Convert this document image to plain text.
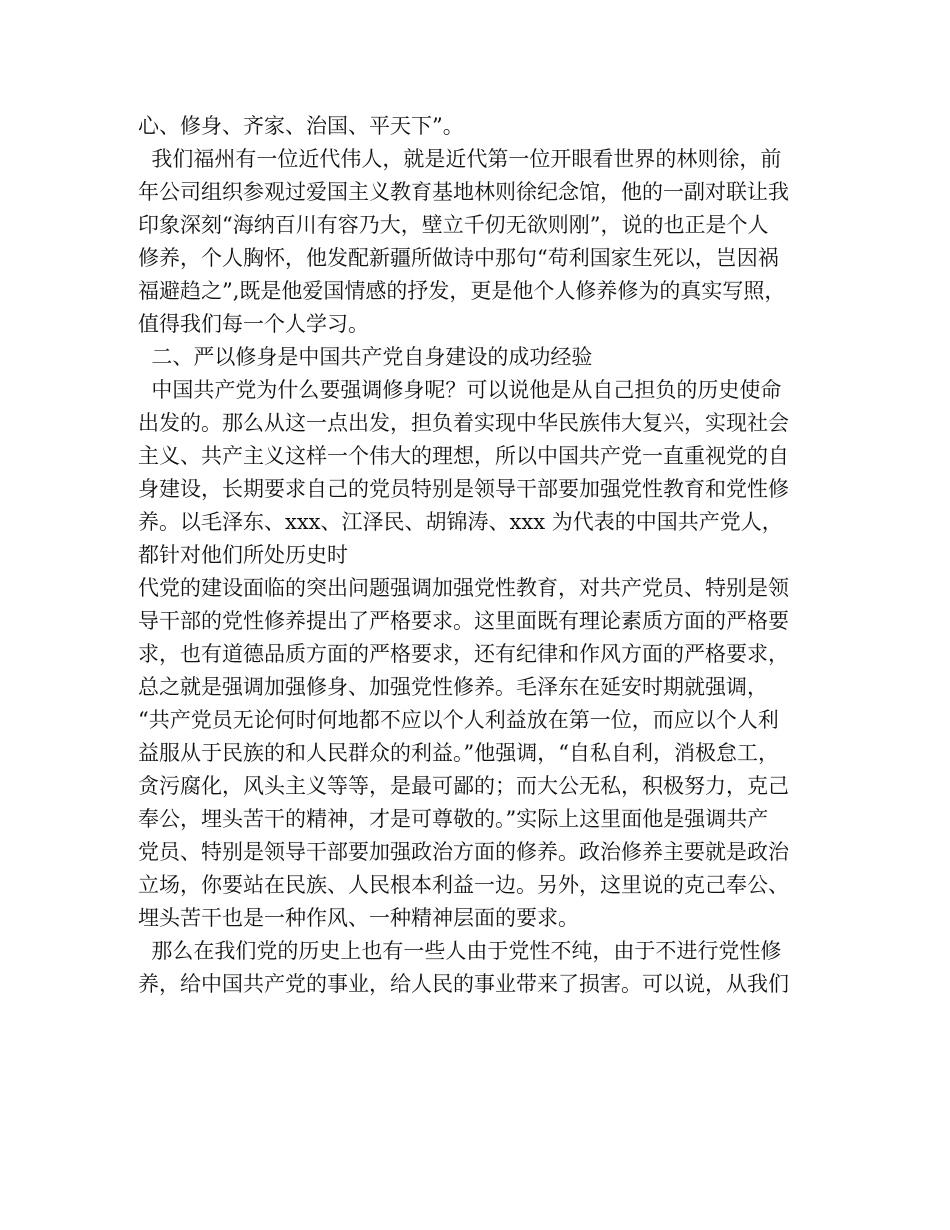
心、修身、齐家、治国、平天下”。
我们福州有一位近代伟人，就是近代第一位开眼看世界的林则徐，前
年公司组织参观过爱国主义教育基地林则徐纪念馆，他的一副对联让我
印象深刻“海纳百川有容乃大，壁立千仞无欲则刚”，说的也正是个人
修养，个人胸怀，他发配新疆所做诗中那句“苟利国家生死以，岂因祸
福避趋之”,既是他爱国情感的抒发，更是他个人修养修为的真实写照，
值得我们每一个人学习。
二、严以修身是中国共产党自身建设的成功经验
中国共产党为什么要强调修身呢？可以说他是从自己担负的历史使命
出发的。那么从这一点出发，担负着实现中华民族伟大复兴，实现社会
主义、共产主义这样一个伟大的理想，所以中国共产党一直重视党的自
身建设，长期要求自己的党员特别是领导干部要加强党性教育和党性修
养。以毛泽东、xxx、江泽民、胡锦涛、xxx 为代表的中国共产党人，
都针对他们所处历史时
代党的建设面临的突出问题强调加强党性教育，对共产党员、特别是领
导干部的党性修养提出了严格要求。这里面既有理论素质方面的严格要
求，也有道德品质方面的严格要求，还有纪律和作风方面的严格要求，
总之就是强调加强修身、加强党性修养。毛泽东在延安时期就强调，
“共产党员无论何时何地都不应以个人利益放在第一位，而应以个人利
益服从于民族的和人民群众的利益。”他强调，“自私自利，消极怠工，
贪污腐化，风头主义等等，是最可鄙的；而大公无私，积极努力，克己
奉公，埋头苦干的精神，才是可尊敬的。”实际上这里面他是强调共产
党员、特别是领导干部要加强政治方面的修养。政治修养主要就是政治
立场，你要站在民族、人民根本利益一边。另外，这里说的克己奉公、
埋头苦干也是一种作风、一种精神层面的要求。
那么在我们党的历史上也有一些人由于党性不纯，由于不进行党性修
养，给中国共产党的事业，给人民的事业带来了损害。可以说，从我们
